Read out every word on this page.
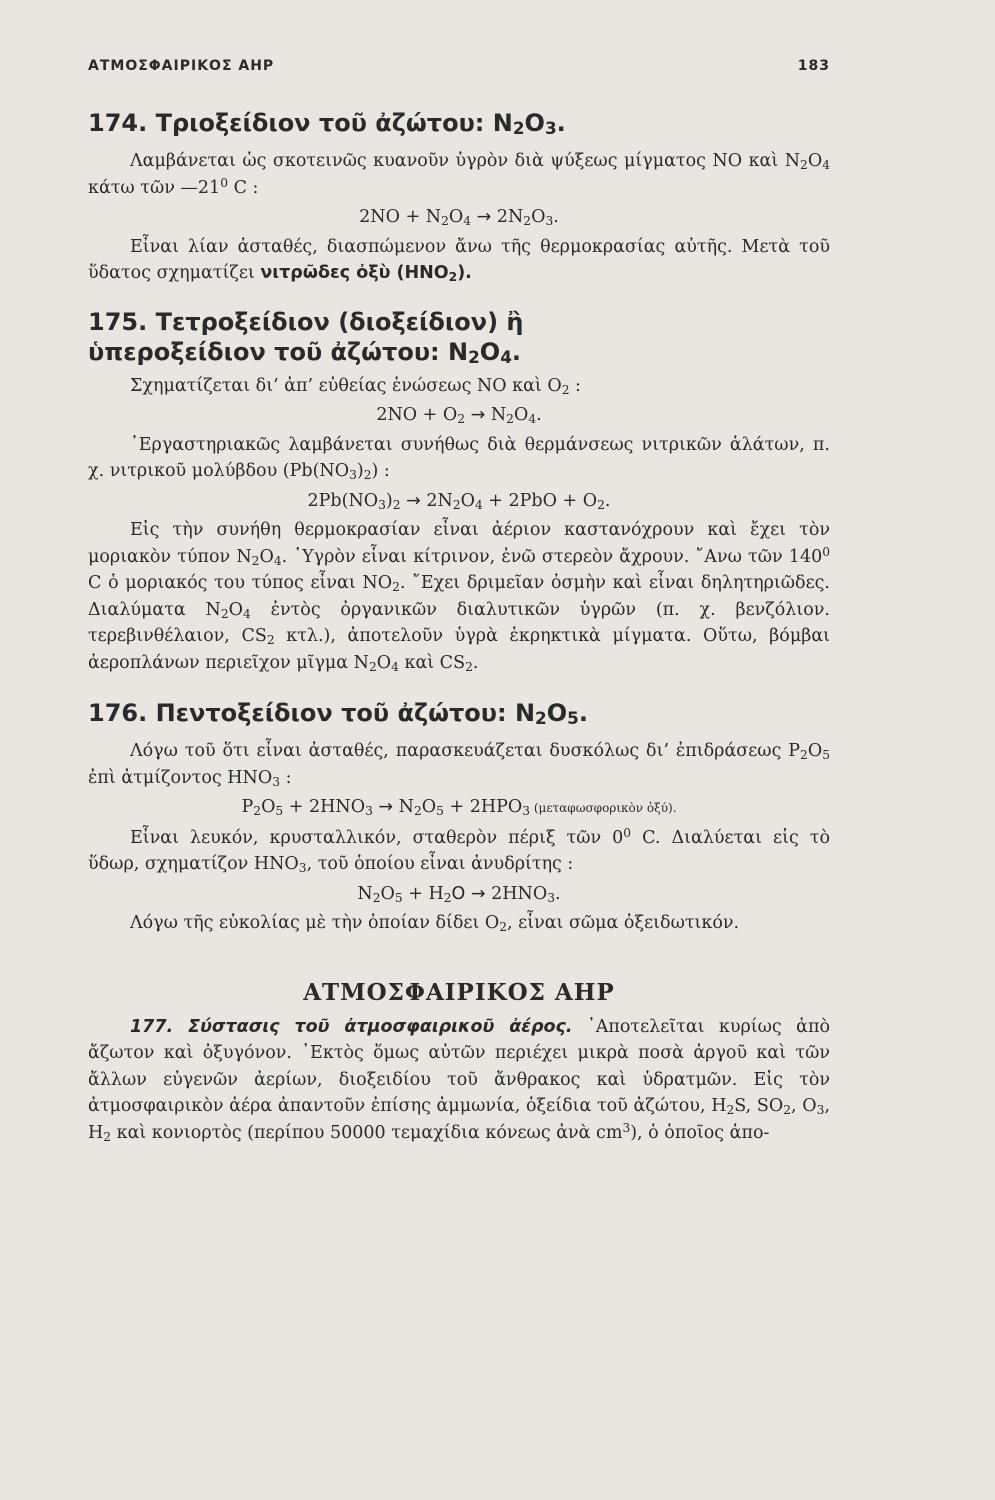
ΑΤΜΟΣΦΑΙΡΙΚΟΣ ΑΗΡ	183
174. Τριοξείδιον τοῦ ἀζώτου: $N_2O_3$.

Λαμβάνεται ὡς σκοτεινῶς κυανοῦν ὑγρὸν διὰ ψύξεως μίγματος NO καὶ $N_2O_4$ κάτω τῶν $—21^0$ C :

$2NO + N_2O_4 \to 2N_2O_3$.

Εἶναι λίαν ἀσταθές, διασπώμενον ἄνω τῆς θερμοκρασίας αὐτῆς. Μετὰ τοῦ ὕδατος σχηματίζει νιτρῶδες ὀξὺ $(HNO_2)$.

175. Τετροξείδιον (διοξείδιον) ἢ
ὑπεροξείδιον τοῦ ἀζώτου: $N_2O_4$.

Σχηματίζεται δι’ ἀπ’ εὐθείας ἑνώσεως NO καὶ $O_2$ :

$2NO + O_2 \to N_2O_4$.

᾿Εργαστηριακῶς λαμβάνεται συνήθως διὰ θερμάνσεως νιτρικῶν ἁλάτων, π. χ. νιτρικοῦ μολύβδου $(Pb(NO_3)_2)$ :

$2Pb(NO_3)_2 \to 2N_2O_4 + 2PbO + O_2$.

Εἰς τὴν συνήθη θερμοκρασίαν εἶναι ἀέριον καστανόχρουν καὶ ἔχει τὸν μοριακὸν τύπον $N_2O_4$. ῾Υγρὸν εἶναι κίτρινον, ἐνῶ στερεὸν ἄχρουν. ῎Ανω τῶν $140^0$ C ὁ μοριακός του τύπος εἶναι $NO_2$. ῎Εχει δριμεῖαν ὀσμὴν καὶ εἶναι δηλητηριῶδες. Διαλύματα $N_2O_4$ ἐντὸς ὀργανικῶν διαλυτικῶν ὑγρῶν (π. χ. βενζόλιον. τερεβινθέλαιον, $CS_2$ κτλ.), ἀποτελοῦν ὑγρὰ ἐκρηκτικὰ μίγματα. Οὕτω, βόμβαι ἀεροπλάνων περιεῖχον μῖγμα $N_2O_4$ καὶ $CS_2$.

176. Πεντοξείδιον τοῦ ἀζώτου: $N_2O_5$.

Λόγω τοῦ ὅτι εἶναι ἀσταθές, παρασκευάζεται δυσκόλως δι’ ἐπιδράσεως $P_2O_5$ ἐπὶ ἀτμίζοντος $HNO_3$ :

$P_2O_5 + 2HNO_3 \to N_2O_5 + 2HPO_3$ (μεταφωσφορικὸν ὀξύ).

Εἶναι λευκόν, κρυσταλλικόν, σταθερὸν πέριξ τῶν $0^0$ C. Διαλύεται εἰς τὸ ὕδωρ, σχηματίζον $HNO_3$, τοῦ ὁποίου εἶναι ἀνυδρίτης :

$N_2O_5 + H_2O \to 2HNO_3$.

Λόγω τῆς εὐκολίας μὲ τὴν ὁποίαν δίδει $O_2$, εἶναι σῶμα ὀξειδωτικόν.

ΑΤΜΟΣΦΑΙΡΙΚΟΣ ΑΗΡ

177. Σύστασις τοῦ ἀτμοσφαιρικοῦ ἀέρος. ᾿Αποτελεῖται κυρίως ἀπὸ ἄζωτον καὶ ὀξυγόνον. ᾿Εκτὸς ὅμως αὐτῶν περιέχει μικρὰ ποσὰ ἀργοῦ καὶ τῶν ἄλλων εὐγενῶν ἀερίων, διοξειδίου τοῦ ἄνθρακος καὶ ὑδρατμῶν. Εἰς τὸν ἀτμοσφαιρικὸν ἀέρα ἀπαντοῦν ἐπίσης ἀμμωνία, ὀξείδια τοῦ ἀζώτου, $H_2S$, $SO_2$, $O_3$, $H_2$ καὶ κονιορτὸς (περίπου 50000 τεμαχίδια κόνεως ἀνὰ $cm^3$), ὁ ὁποῖος ἀπο-
